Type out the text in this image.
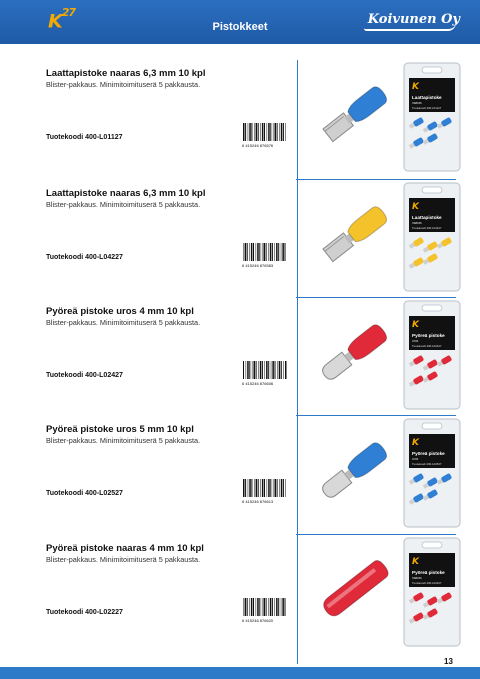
$K^{27}$
Pistokkeet	Koivunen Oy
Laattapistoke naaras 6,3 mm 10 kpl
Blister-pakkaus. Minimitoimituserä 5 pakkausta.
Tuotekoodi 400-L01127
6 415246 876576
K
Laattapistoke
naaras
Tuotekoodi 400-L01127
Laattapistoke naaras 6,3 mm 10 kpl
Blister-pakkaus. Minimitoimituserä 5 pakkausta.
Tuotekoodi 400-L04227
6 415246 876583
K
Laattapistoke
naaras
Tuotekoodi 400-L04227
Pyöreä pistoke uros 4 mm 10 kpl
Blister-pakkaus. Minimitoimituserä 5 pakkausta.
Tuotekoodi 400-L02427
6 415246 876606
K
Pyöreä pistoke
uros
Tuotekoodi 400-L02427
Pyöreä pistoke uros 5 mm 10 kpl
Blister-pakkaus. Minimitoimituserä 5 pakkausta.
Tuotekoodi 400-L02527
6 415246 876613
K
Pyöreä pistoke
uros
Tuotekoodi 400-L02527
Pyöreä pistoke naaras 4 mm 10 kpl
Blister-pakkaus. Minimitoimituserä 5 pakkausta.
Tuotekoodi 400-L02227
6 415246 876620
K
Pyöreä pistoke
naaras
Tuotekoodi 400-L02227
13
